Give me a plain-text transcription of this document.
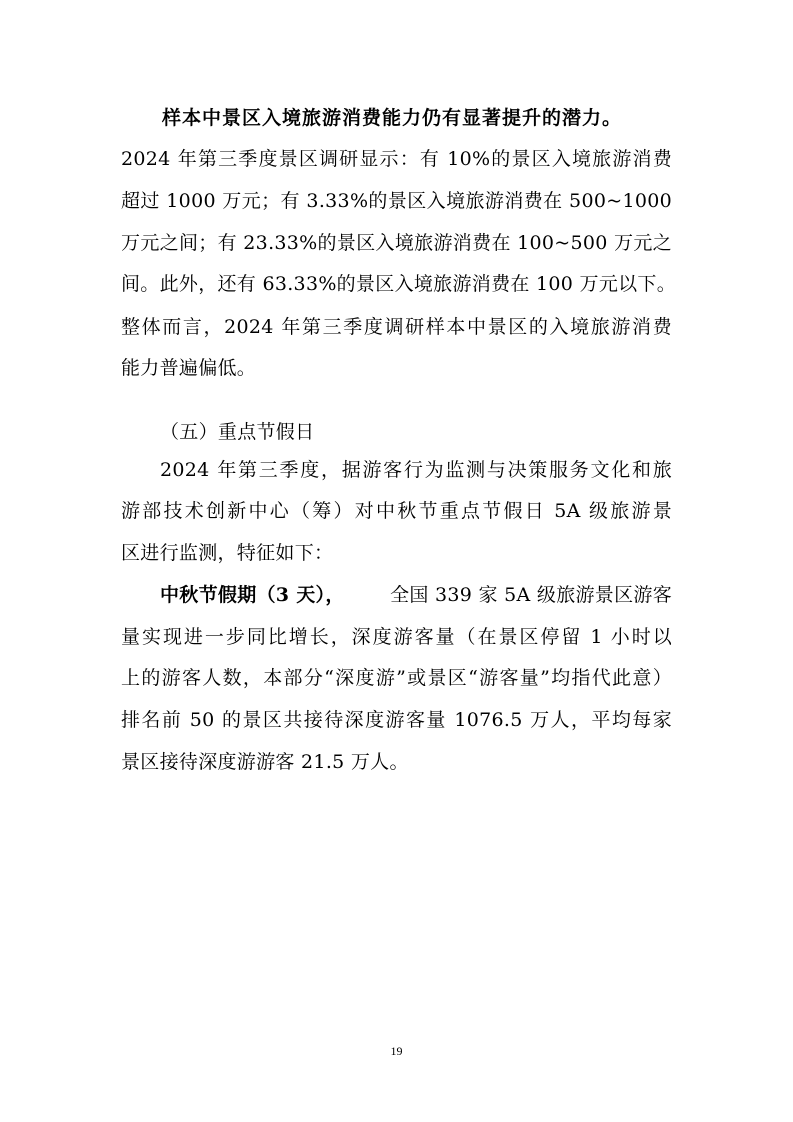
样本中景区入境旅游消费能力仍有显著提升的潜力。
2024 年第三季度景区调研显示：有 10%的景区入境旅游消费
超过 1000 万元；有 3.33%的景区入境旅游消费在 500~1000
万元之间；有 23.33%的景区入境旅游消费在 100~500 万元之
间。此外，还有 63.33%的景区入境旅游消费在 100 万元以下。
整体而言，2024 年第三季度调研样本中景区的入境旅游消费
能力普遍偏低。
（五）重点节假日
2024 年第三季度，据游客行为监测与决策服务文化和旅
游部技术创新中心（筹）对中秋节重点节假日 5A 级旅游景
区进行监测，特征如下：
中秋节假期（3 天）， 全国 339 家 5A 级旅游景区游客
量实现进一步同比增长，深度游客量（在景区停留 1 小时以
上的游客人数，本部分“深度游”或景区“游客量”均指代此意）
排名前 50 的景区共接待深度游客量 1076.5 万人，平均每家
景区接待深度游游客 21.5 万人。
19
